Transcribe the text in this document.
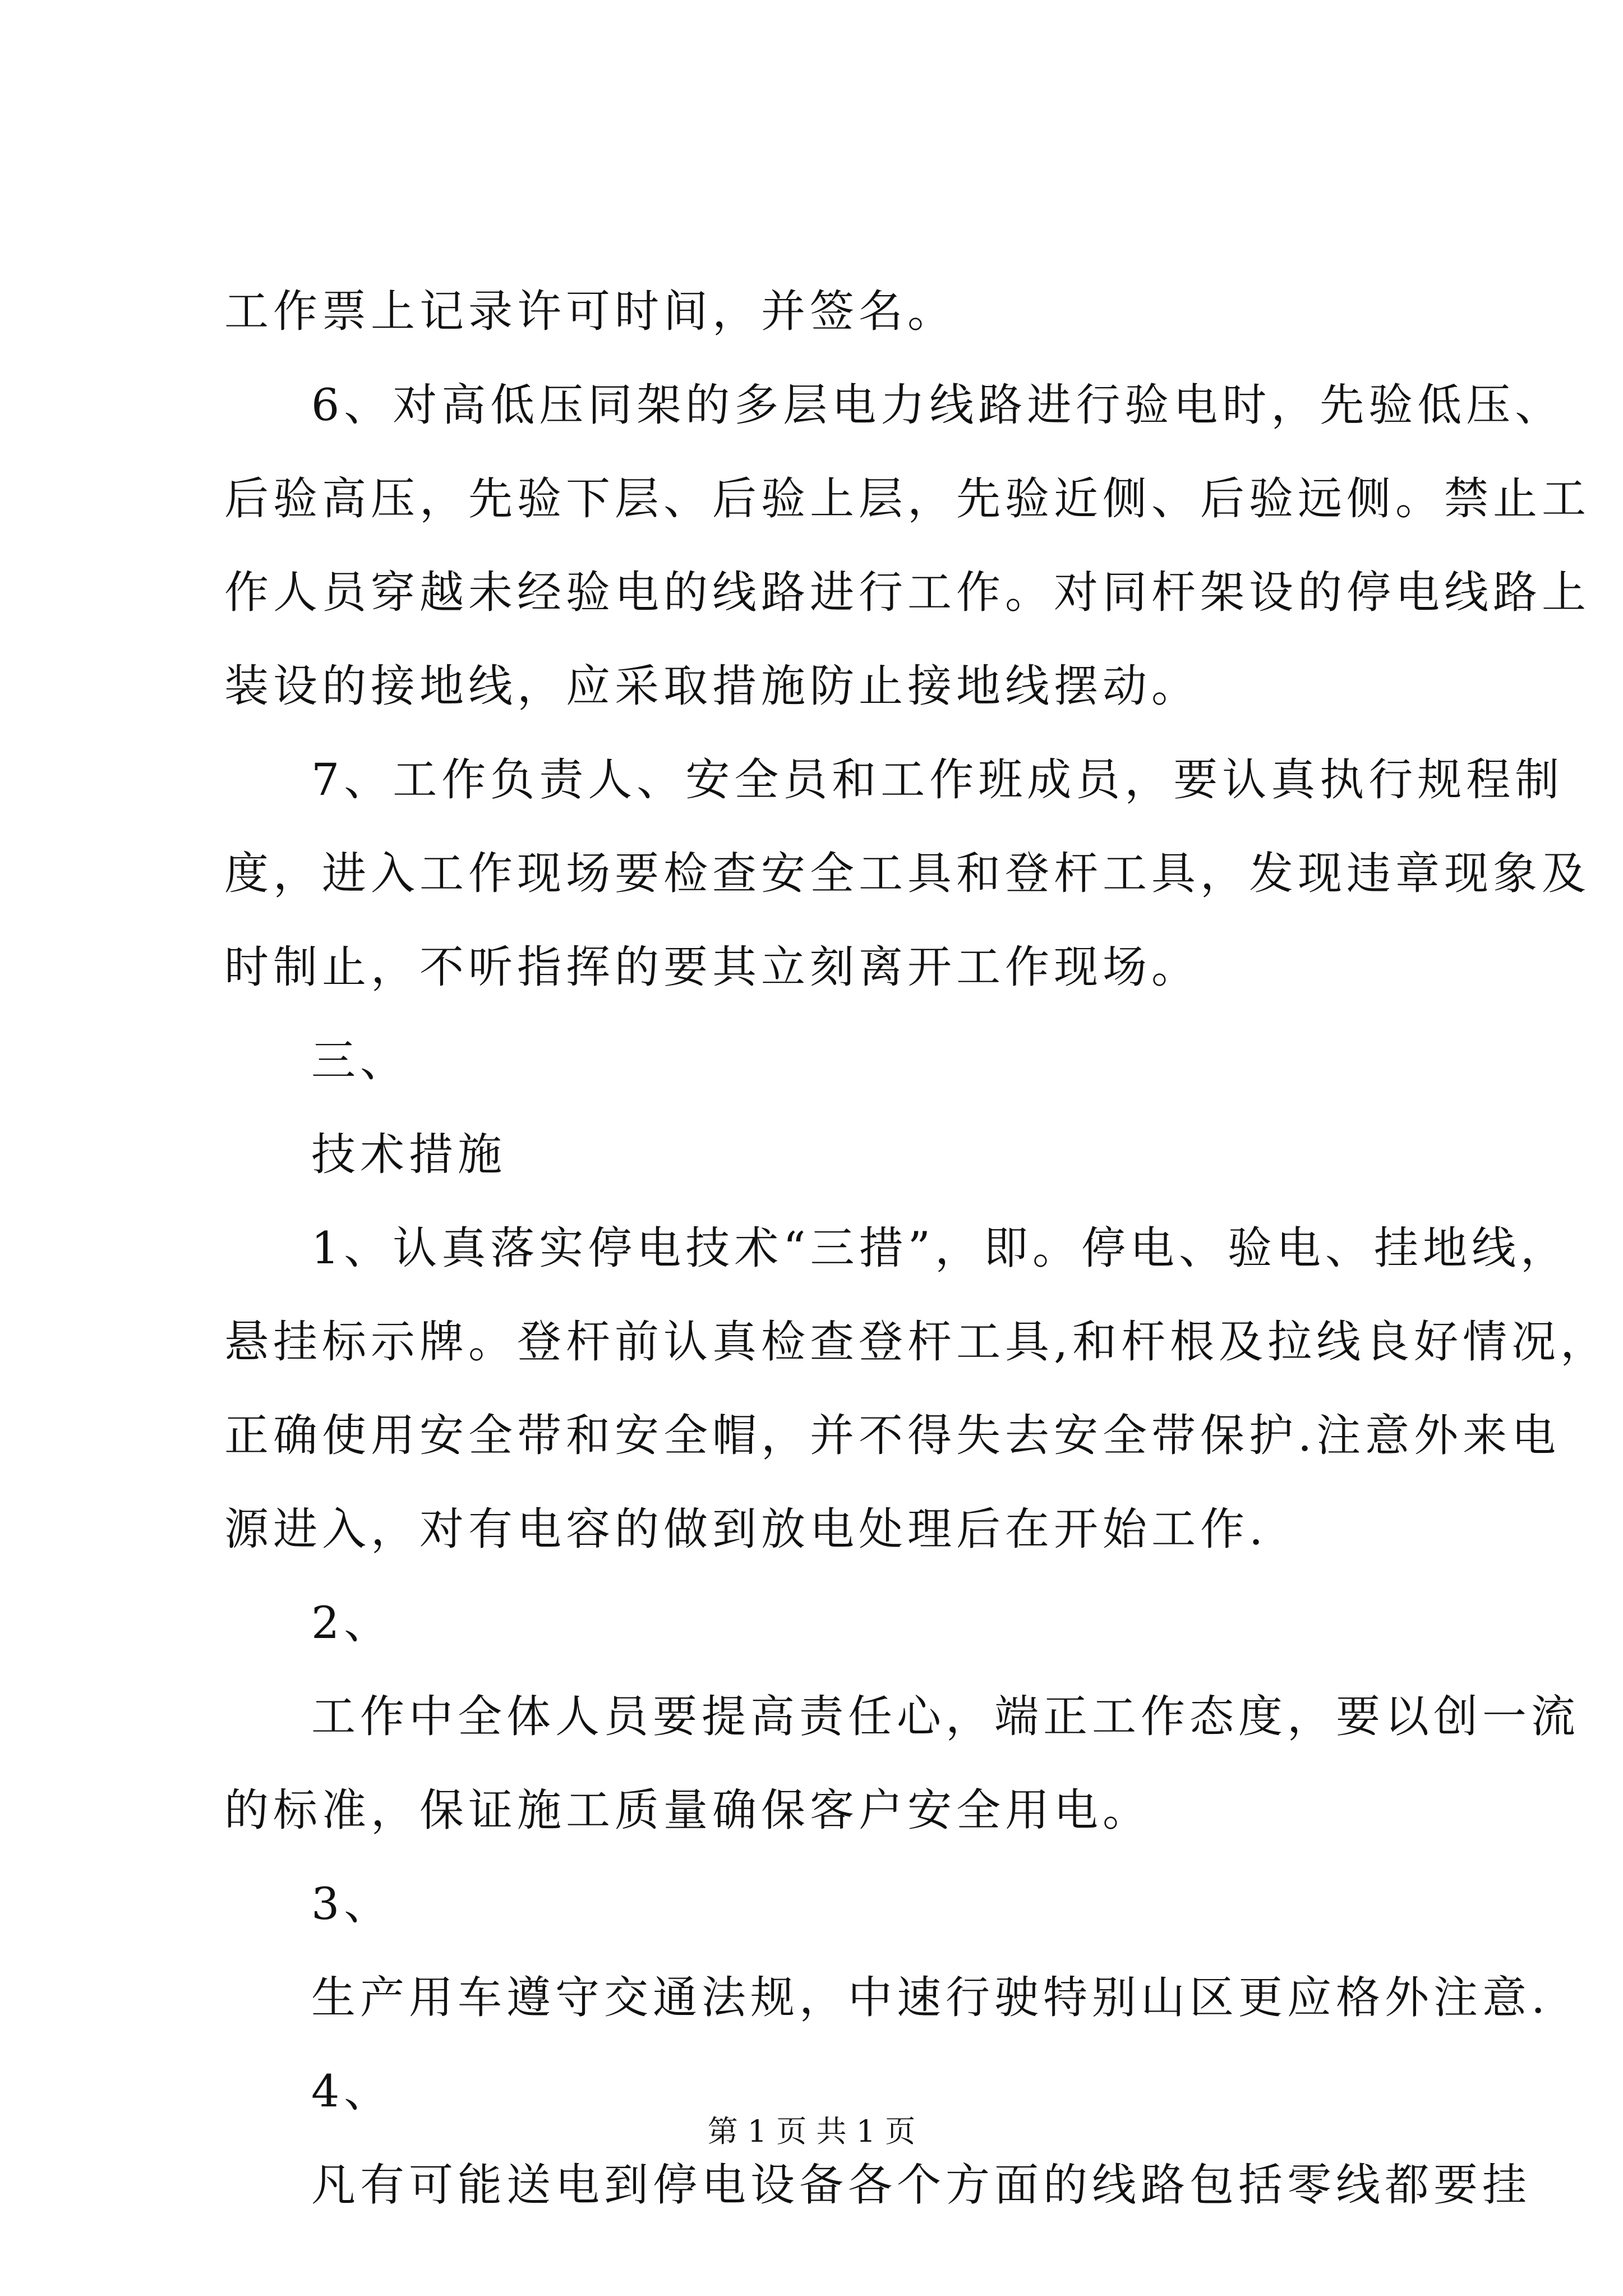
工作票上记录许可时间，并签名。
6、对高低压同架的多层电力线路进行验电时，先验低压、
后验高压，先验下层、后验上层，先验近侧、后验远侧。禁止工
作人员穿越未经验电的线路进行工作。对同杆架设的停电线路上
装设的接地线，应采取措施防止接地线摆动。
7、工作负责人、安全员和工作班成员，要认真执行规程制
度，进入工作现场要检查安全工具和登杆工具，发现违章现象及
时制止，不听指挥的要其立刻离开工作现场。
三、
技术措施
1、认真落实停电技术“三措”，即。停电、验电、挂地线，
悬挂标示牌。登杆前认真检查登杆工具,和杆根及拉线良好情况，
正确使用安全带和安全帽，并不得失去安全带保护.注意外来电
源进入，对有电容的做到放电处理后在开始工作.
2、
工作中全体人员要提高责任心，端正工作态度，要以创一流
的标准，保证施工质量确保客户安全用电。
3、
生产用车遵守交通法规，中速行驶特别山区更应格外注意.
4、
凡有可能送电到停电设备各个方面的线路包括零线都要挂
第 1 页 共 1 页
